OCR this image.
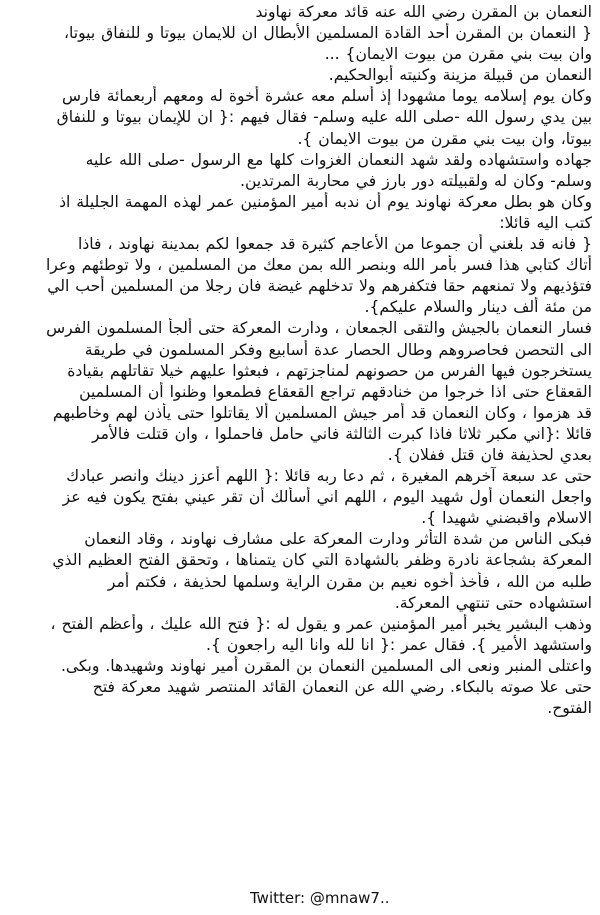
النعمان بن المقرن رضي الله عنه قائد معركة نهاوند
{ النعمان بن المقرن أحد القادة المسلمين الأبطال ان للايمان بيوتا و للنفاق بيوتا،
وان بيت بني مقرن من بيوت الايمان} ...
النعمان من قبيلة مزينة وكنيته أبوالحكيم.
وكان يوم إسلامه يوما مشهودا إذ أسلم معه عشرة أخوة له ومعهم أربعمائة فارس
بين يدي رسول الله -صلى الله عليه وسلم- فقال فيهم :{ ان للإيمان بيوتا و للنفاق
بيوتا، وان بيت بني مقرن من بيوت الايمان }.
جهاده واستشهاده ولقد شهد النعمان الغزوات كلها مع الرسول -صلى الله عليه
وسلم- وكان له ولقبيلته دور بارز في محاربة المرتدين.
وكان هو بطل معركة نهاوند يوم أن ندبه أمير المؤمنين عمر لهذه المهمة الجليلة اذ
كتب اليه قائلا:
{ فانه قد بلغني أن جموعا من الأعاجم كثيرة قد جمعوا لكم بمدينة نهاوند ، فاذا
أتاك كتابي هذا فسر بأمر الله وبنصر الله بمن معك من المسلمين ، ولا توطئهم وعرا
فتؤذيهم ولا تمنعهم حقا فتكفرهم ولا تدخلهم غيضة فان رجلا من المسلمين أحب الي
من مئة ألف دينار والسلام عليكم}.
فسار النعمان بالجيش والتقى الجمعان ، ودارت المعركة حتى ألجأ المسلمون الفرس
الى التحصن فحاصروهم وطال الحصار عدة أسابيع وفكر المسلمون في طريقة
يستخرجون فيها الفرس من حصونهم لمناجزتهم ، فبعثوا عليهم خيلا تقاتلهم بقيادة
القعقاع حتى اذا خرجوا من خنادقهم تراجع القعقاع فطمعوا وظنوا أن المسلمين
قد هزموا ، وكان النعمان قد أمر جيش المسلمين ألا يقاتلوا حتى يأذن لهم وخاطبهم
قائلا :{اني مكبر ثلاثا فاذا كبرت الثالثة فاني حامل فاحملوا ، وان قتلت فالأمر
بعدي لحذيفة فان قتل ففلان }.
حتى عد سبعة آخرهم المغيرة ، ثم دعا ربه قائلا :{ اللهم أعزز دينك وانصر عبادك
واجعل النعمان أول شهيد اليوم ، اللهم اني أسألك أن تقر عيني بفتح يكون فيه عز
الاسلام واقبضني شهيدا }.
فبكى الناس من شدة التأثر ودارت المعركة على مشارف نهاوند ، وقاد النعمان
المعركة بشجاعة نادرة وظفر بالشهادة التي كان يتمناها ، وتحقق الفتح العظيم الذي
طلبه من الله ، فأخذ أخوه نعيم بن مقرن الراية وسلمها لحذيفة ، فكتم أمر
استشهاده حتى تنتهي المعركة.
وذهب البشير يخبر أمير المؤمنين عمر و يقول له :{ فتح الله عليك ، وأعظم الفتح ،
واستشهد الأمير }. فقال عمر :{ انا لله وانا اليه راجعون }.
واعتلى المنبر ونعى الى المسلمين النعمان بن المقرن أمير نهاوند وشهيدها. وبكى.
حتى علا صوته بالبكاء. رضي الله عن النعمان القائد المنتصر شهيد معركة فتح
الفتوح.
Twitter: @mnaw7..
